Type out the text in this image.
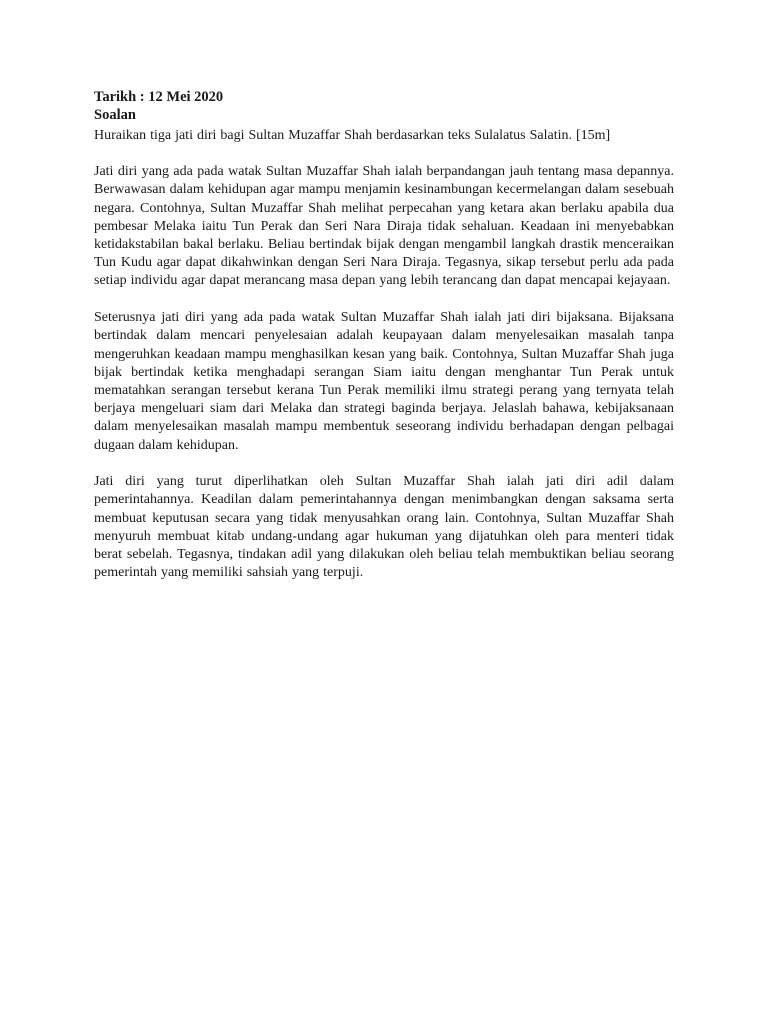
Tarikh : 12 Mei 2020
Soalan

Huraikan tiga jati diri bagi Sultan Muzaffar Shah berdasarkan teks Sulalatus Salatin. [15m]

Jati diri yang ada pada watak Sultan Muzaffar Shah ialah berpandangan jauh tentang masa depannya. Berwawasan dalam kehidupan agar mampu menjamin kesinambungan kecermelangan dalam sesebuah negara. Contohnya, Sultan Muzaffar Shah melihat perpecahan yang ketara akan berlaku apabila dua pembesar Melaka iaitu Tun Perak dan Seri Nara Diraja tidak sehaluan. Keadaan ini menyebabkan ketidakstabilan bakal berlaku. Beliau bertindak bijak dengan mengambil langkah drastik menceraikan Tun Kudu agar dapat dikahwinkan dengan Seri Nara Diraja. Tegasnya, sikap tersebut perlu ada pada setiap individu agar dapat merancang masa depan yang lebih terancang dan dapat mencapai kejayaan.

Seterusnya jati diri yang ada pada watak Sultan Muzaffar Shah ialah jati diri bijaksana. Bijaksana bertindak dalam mencari penyelesaian adalah keupayaan dalam menyelesaikan masalah tanpa mengeruhkan keadaan mampu menghasilkan kesan yang baik. Contohnya, Sultan Muzaffar Shah juga bijak bertindak ketika menghadapi serangan Siam iaitu dengan menghantar Tun Perak untuk mematahkan serangan tersebut kerana Tun Perak memiliki ilmu strategi perang yang ternyata telah berjaya mengeluari siam dari Melaka dan strategi baginda berjaya. Jelaslah bahawa, kebijaksanaan dalam menyelesaikan masalah mampu membentuk seseorang individu berhadapan dengan pelbagai dugaan dalam kehidupan.

Jati diri yang turut diperlihatkan oleh Sultan Muzaffar Shah ialah jati diri adil dalam pemerintahannya. Keadilan dalam pemerintahannya dengan menimbangkan dengan saksama serta membuat keputusan secara yang tidak menyusahkan orang lain. Contohnya, Sultan Muzaffar Shah menyuruh membuat kitab undang-undang agar hukuman yang dijatuhkan oleh para menteri tidak berat sebelah. Tegasnya, tindakan adil yang dilakukan oleh beliau telah membuktikan beliau seorang pemerintah yang memiliki sahsiah yang terpuji.
